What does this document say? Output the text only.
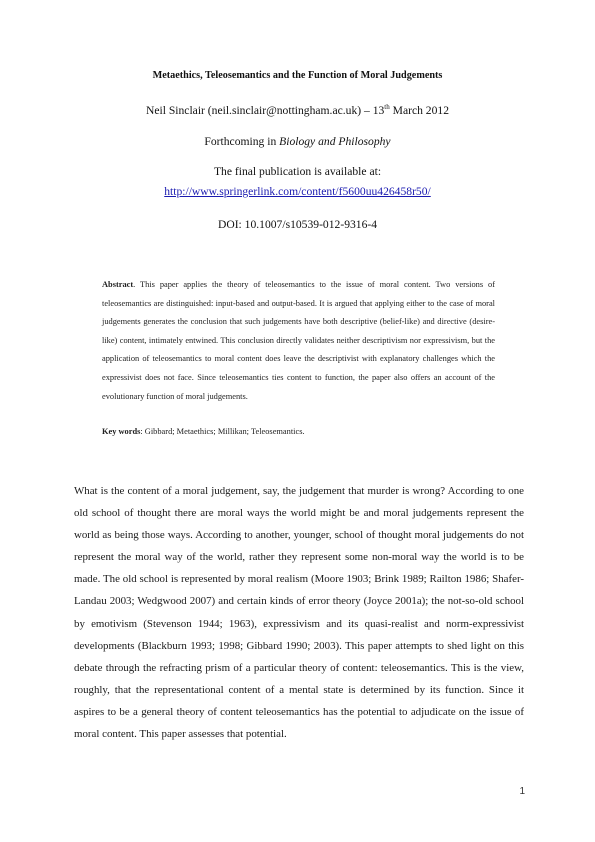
Metaethics, Teleosemantics and the Function of Moral Judgements
Neil Sinclair (neil.sinclair@nottingham.ac.uk) – 13th March 2012
Forthcoming in Biology and Philosophy
The final publication is available at:
http://www.springerlink.com/content/f5600uu426458r50/
DOI: 10.1007/s10539-012-9316-4
Abstract. This paper applies the theory of teleosemantics to the issue of moral content. Two versions of teleosemantics are distinguished: input-based and output-based. It is argued that applying either to the case of moral judgements generates the conclusion that such judgements have both descriptive (belief-like) and directive (desire-like) content, intimately entwined. This conclusion directly validates neither descriptivism nor expressivism, but the application of teleosemantics to moral content does leave the descriptivist with explanatory challenges which the expressivist does not face. Since teleosemantics ties content to function, the paper also offers an account of the evolutionary function of moral judgements.
Key words: Gibbard; Metaethics; Millikan; Teleosemantics.
What is the content of a moral judgement, say, the judgement that murder is wrong? According to one old school of thought there are moral ways the world might be and moral judgements represent the world as being those ways. According to another, younger, school of thought moral judgements do not represent the moral way of the world, rather they represent some non-moral way the world is to be made. The old school is represented by moral realism (Moore 1903; Brink 1989; Railton 1986; Shafer-Landau 2003; Wedgwood 2007) and certain kinds of error theory (Joyce 2001a); the not-so-old school by emotivism (Stevenson 1944; 1963), expressivism and its quasi-realist and norm-expressivist developments (Blackburn 1993; 1998; Gibbard 1990; 2003). This paper attempts to shed light on this debate through the refracting prism of a particular theory of content: teleosemantics. This is the view, roughly, that the representational content of a mental state is determined by its function. Since it aspires to be a general theory of content teleosemantics has the potential to adjudicate on the issue of moral content. This paper assesses that potential.
1
